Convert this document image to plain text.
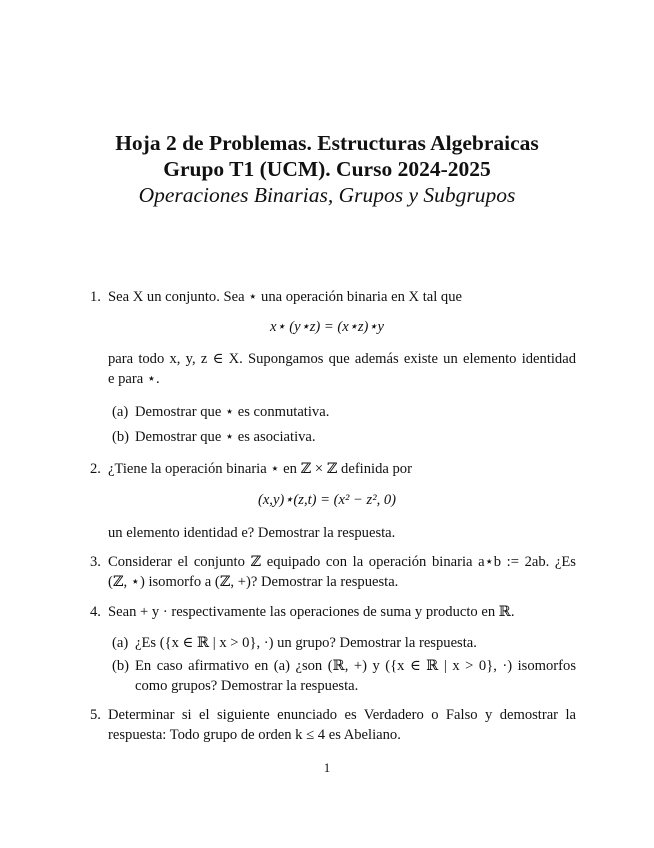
Hoja 2 de Problemas. Estructuras Algebraicas
Grupo T1 (UCM). Curso 2024-2025
Operaciones Binarias, Grupos y Subgrupos
1. Sea X un conjunto. Sea ⋆ una operación binaria en X tal que
x⋆ (y⋆z) = (x⋆z)⋆y
para todo x, y, z ∈ X. Supongamos que además existe un elemento identidad
e para ⋆.
(a) Demostrar que ⋆ es conmutativa.
(b) Demostrar que ⋆ es asociativa.
2. ¿Tiene la operación binaria ⋆ en ℤ × ℤ definida por
(x,y)⋆(z,t) = (x² − z², 0)
un elemento identidad e? Demostrar la respuesta.
3. Considerar el conjunto ℤ equipado con la operación binaria a⋆b := 2ab. ¿Es
(ℤ, ⋆) isomorfo a (ℤ, +)? Demostrar la respuesta.
4. Sean + y · respectivamente las operaciones de suma y producto en ℝ.
(a) ¿Es ({x ∈ ℝ | x > 0}, ·) un grupo? Demostrar la respuesta.
(b) En caso afirmativo en (a) ¿son (ℝ, +) y ({x ∈ ℝ | x > 0}, ·) isomorfos
como grupos? Demostrar la respuesta.
5. Determinar si el siguiente enunciado es Verdadero o Falso y demostrar la
respuesta: Todo grupo de orden k ≤ 4 es Abeliano.
1
